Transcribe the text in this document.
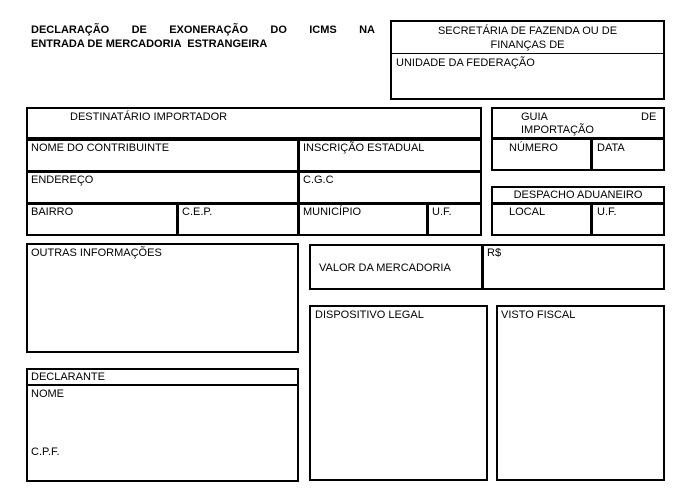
DECLARAÇÃO DE EXONERAÇÃO DO ICMS NA
ENTRADA DE MERCADORIA  ESTRANGEIRA
SECRETÁRIA DE FAZENDA OU DE
FINANÇAS DE
UNIDADE DA FEDERAÇÃO
DESTINATÁRIO IMPORTADOR
NOME DO CONTRIBUINTE	INSCRIÇÃO ESTADUAL
ENDEREÇO	C.G.C
BAIRRO	C.E.P.	MUNICÍPIO	U.F.
GUIA	DE
IMPORTAÇÃO
NÚMERO	DATA
DESPACHO ADUANEIRO
LOCAL	U.F.
OUTRAS INFORMAÇÕES
VALOR DA MERCADORIA
R$
DISPOSITIVO LEGAL	VISTO FISCAL
DECLARANTE
NOME
C.P.F.
